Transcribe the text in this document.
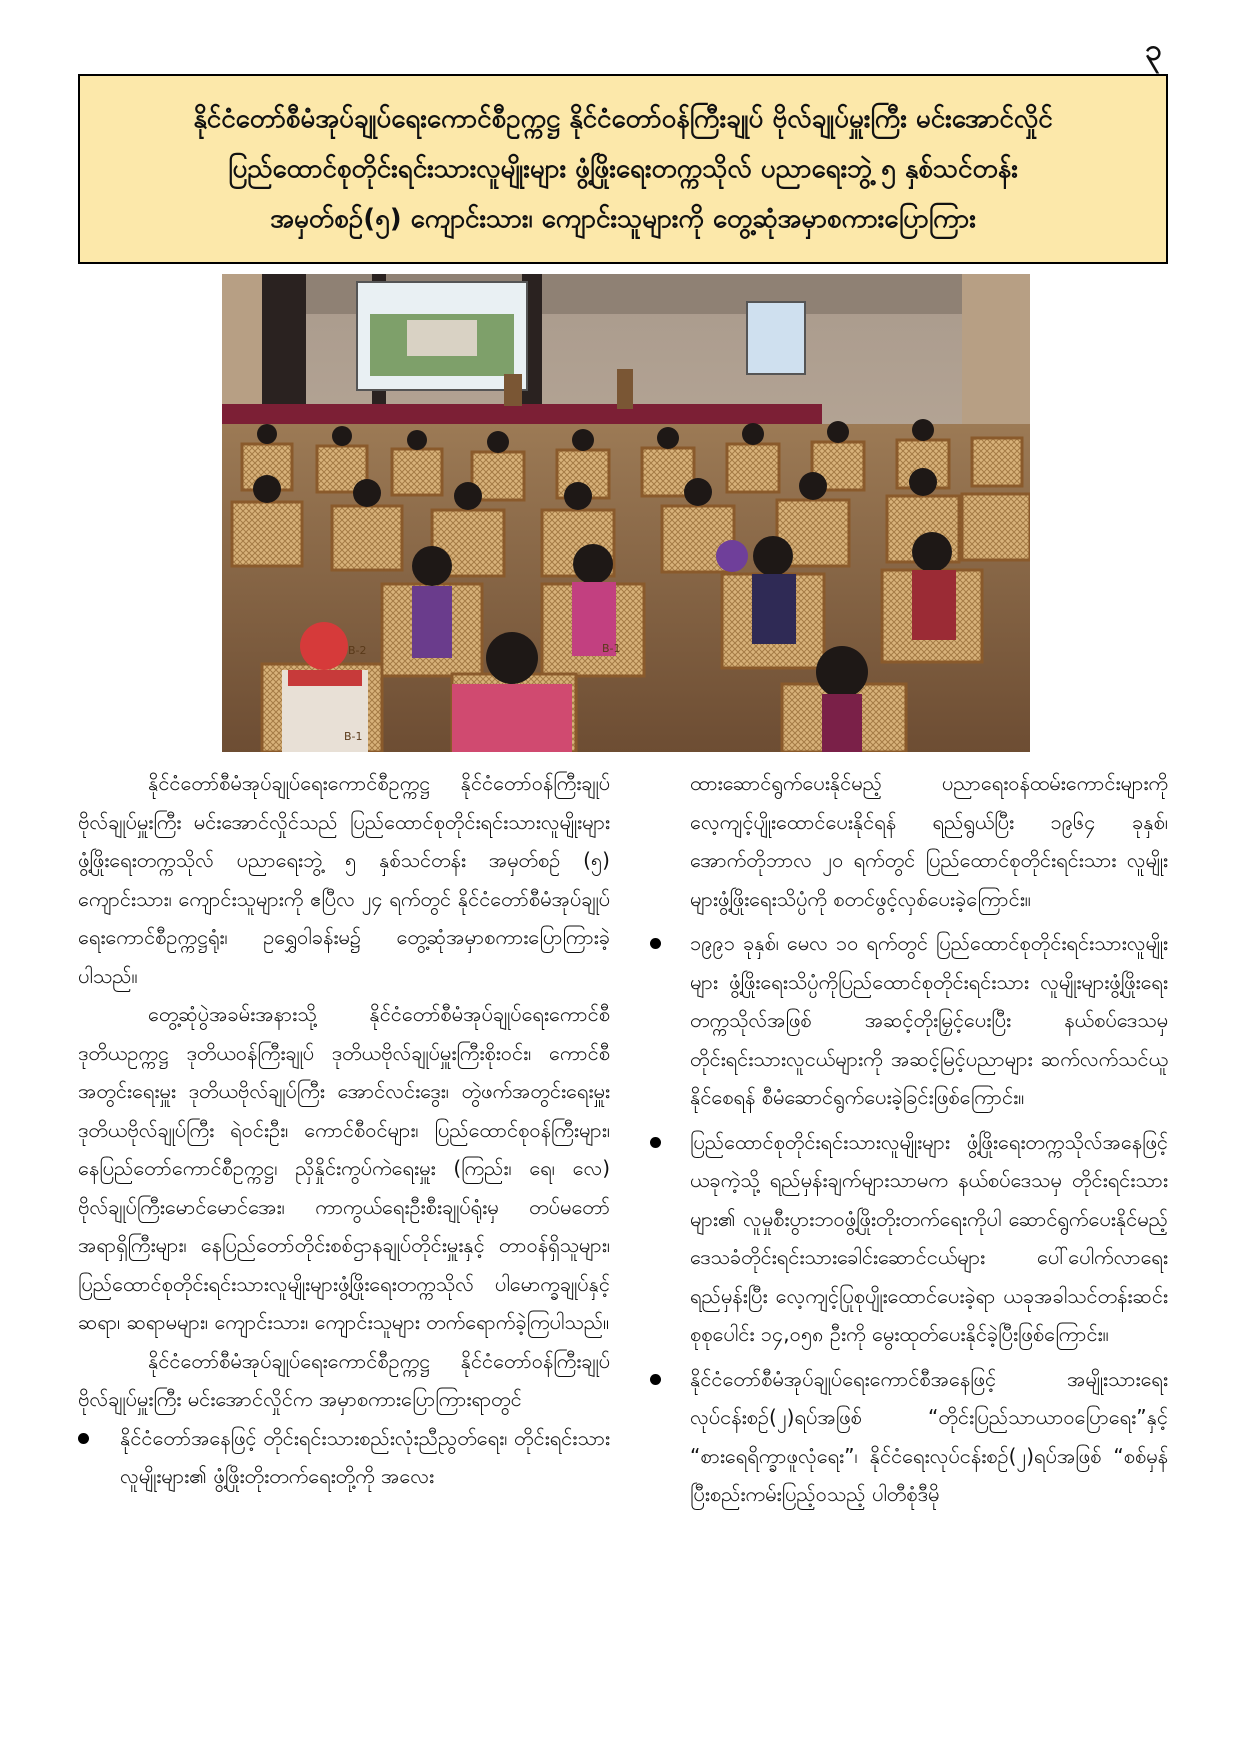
၃
နိုင်ငံတော်စီမံအုပ်ချုပ်ရေးကောင်စီဥက္ကဋ္ဌ နိုင်ငံတော်ဝန်ကြီးချုပ် ဗိုလ်ချုပ်မှူးကြီး မင်းအောင်လှိုင်
ပြည်ထောင်စုတိုင်းရင်းသားလူမျိုးများ ဖွံ့ဖြိုးရေးတက္ကသိုလ် ပညာရေးဘွဲ့ ၅ နှစ်သင်တန်း
အမှတ်စဉ်(၅) ကျောင်းသား၊ ကျောင်းသူများကို တွေ့ဆုံအမှာစကားပြောကြား
B-2	B-1
B-1

နိုင်ငံတော်စီမံအုပ်ချုပ်ရေးကောင်စီဥက္ကဋ္ဌ နိုင်ငံတော်ဝန်ကြီးချုပ် ဗိုလ်ချုပ်မှူးကြီး မင်းအောင်လှိုင်သည် ပြည်ထောင်စုတိုင်းရင်းသားလူမျိုးများဖွံ့ဖြိုးရေးတက္ကသိုလ် ပညာရေးဘွဲ့ ၅ နှစ်သင်တန်း အမှတ်စဉ် (၅) ကျောင်းသား၊ ကျောင်းသူများကို ဧပြီလ ၂၄ ရက်တွင် နိုင်ငံတော်စီမံအုပ်ချုပ်ရေးကောင်စီဥက္ကဋ္ဌရုံး၊ ဥရွှေဝါခန်းမ၌ တွေ့ဆုံအမှာစကားပြောကြားခဲ့ပါသည်။

တွေ့ဆုံပွဲအခမ်းအနားသို့ နိုင်ငံတော်စီမံအုပ်ချုပ်ရေးကောင်စီ ဒုတိယဥက္ကဋ္ဌ ဒုတိယဝန်ကြီးချုပ် ဒုတိယဗိုလ်ချုပ်မှူးကြီးစိုးဝင်း၊ ကောင်စီအတွင်းရေးမှူး ဒုတိယဗိုလ်ချုပ်ကြီး အောင်လင်းဒွေး၊ တွဲဖက်အတွင်းရေးမှူး ဒုတိယဗိုလ်ချုပ်ကြီး ရဲဝင်းဦး၊ ကောင်စီဝင်များ၊ ပြည်ထောင်စုဝန်ကြီးများ၊ နေပြည်တော်ကောင်စီဥက္ကဋ္ဌ၊ ညှိနှိုင်းကွပ်ကဲရေးမှူး (ကြည်း၊ ရေ၊ လေ) ဗိုလ်ချုပ်ကြီးမောင်မောင်အေး၊ ကာကွယ်ရေးဦးစီးချုပ်ရုံးမှ တပ်မတော်အရာရှိကြီးများ၊ နေပြည်တော်တိုင်းစစ်ဌာနချုပ်တိုင်းမှူးနှင့် တာဝန်ရှိသူများ၊ ပြည်ထောင်စုတိုင်းရင်းသားလူမျိုးများဖွံ့ဖြိုးရေးတက္ကသိုလ် ပါမောက္ခချုပ်နှင့် ဆရာ၊ ဆရာမများ၊ ကျောင်းသား၊ ကျောင်းသူများ တက်ရောက်ခဲ့ကြပါသည်။

နိုင်ငံတော်စီမံအုပ်ချုပ်ရေးကောင်စီဥက္ကဋ္ဌ နိုင်ငံတော်ဝန်ကြီးချုပ် ဗိုလ်ချုပ်မှူးကြီး မင်းအောင်လှိုင်က အမှာစကားပြောကြားရာတွင်

နိုင်ငံတော်အနေဖြင့် တိုင်းရင်းသားစည်းလုံးညီညွတ်ရေး၊ တိုင်းရင်းသားလူမျိုးများ၏ ဖွံ့ဖြိုးတိုးတက်ရေးတို့ကို အလေး

ထားဆောင်ရွက်ပေးနိုင်မည့် ပညာရေးဝန်ထမ်းကောင်းများကို လေ့ကျင့်ပျိုးထောင်ပေးနိုင်ရန် ရည်ရွယ်ပြီး ၁၉၆၄ ခုနှစ်၊ အောက်တိုဘာလ ၂၀ ရက်တွင် ပြည်ထောင်စုတိုင်းရင်းသား လူမျိုးများဖွံ့ဖြိုးရေးသိပ္ပံကို စတင်ဖွင့်လှစ်ပေးခဲ့ကြောင်း။

၁၉၉၁ ခုနှစ်၊ မေလ ၁၀ ရက်တွင် ပြည်ထောင်စုတိုင်းရင်းသားလူမျိုးများ ဖွံ့ဖြိုးရေးသိပ္ပံကိုပြည်ထောင်စုတိုင်းရင်းသား လူမျိုးများဖွံ့ဖြိုးရေးတက္ကသိုလ်အဖြစ် အဆင့်တိုးမြှင့်ပေးပြီး နယ်စပ်ဒေသမှ တိုင်းရင်းသားလူငယ်များကို အဆင့်မြင့်ပညာများ ဆက်လက်သင်ယူနိုင်စေရန် စီမံဆောင်ရွက်ပေးခဲ့ခြင်းဖြစ်ကြောင်း။
ပြည်ထောင်စုတိုင်းရင်းသားလူမျိုးများ ဖွံ့ဖြိုးရေးတက္ကသိုလ်အနေဖြင့် ယခုကဲ့သို့ ရည်မှန်းချက်များသာမက နယ်စပ်ဒေသမှ တိုင်းရင်းသားများ၏ လူမှုစီးပွားဘဝဖွံ့ဖြိုးတိုးတက်ရေးကိုပါ ဆောင်ရွက်ပေးနိုင်မည့် ဒေသခံတိုင်းရင်းသားခေါင်းဆောင်ငယ်များ ပေါ်ပေါက်လာရေးရည်မှန်းပြီး လေ့ကျင့်ပြုစုပျိုးထောင်ပေးခဲ့ရာ ယခုအခါသင်တန်းဆင်းစုစုပေါင်း ၁၄,၀၅၈ ဦးကို မွေးထုတ်ပေးနိုင်ခဲ့ပြီးဖြစ်ကြောင်း။
နိုင်ငံတော်စီမံအုပ်ချုပ်ရေးကောင်စီအနေဖြင့် အမျိုးသားရေးလုပ်ငန်းစဉ်(၂)ရပ်အဖြစ် “တိုင်းပြည်သာယာဝပြောရေး”နှင့် “စားရေရိက္ခာဖူလုံရေး”၊ နိုင်ငံရေးလုပ်ငန်းစဉ်(၂)ရပ်အဖြစ် “စစ်မှန်ပြီးစည်းကမ်းပြည့်ဝသည့် ပါတီစုံဒီမို
